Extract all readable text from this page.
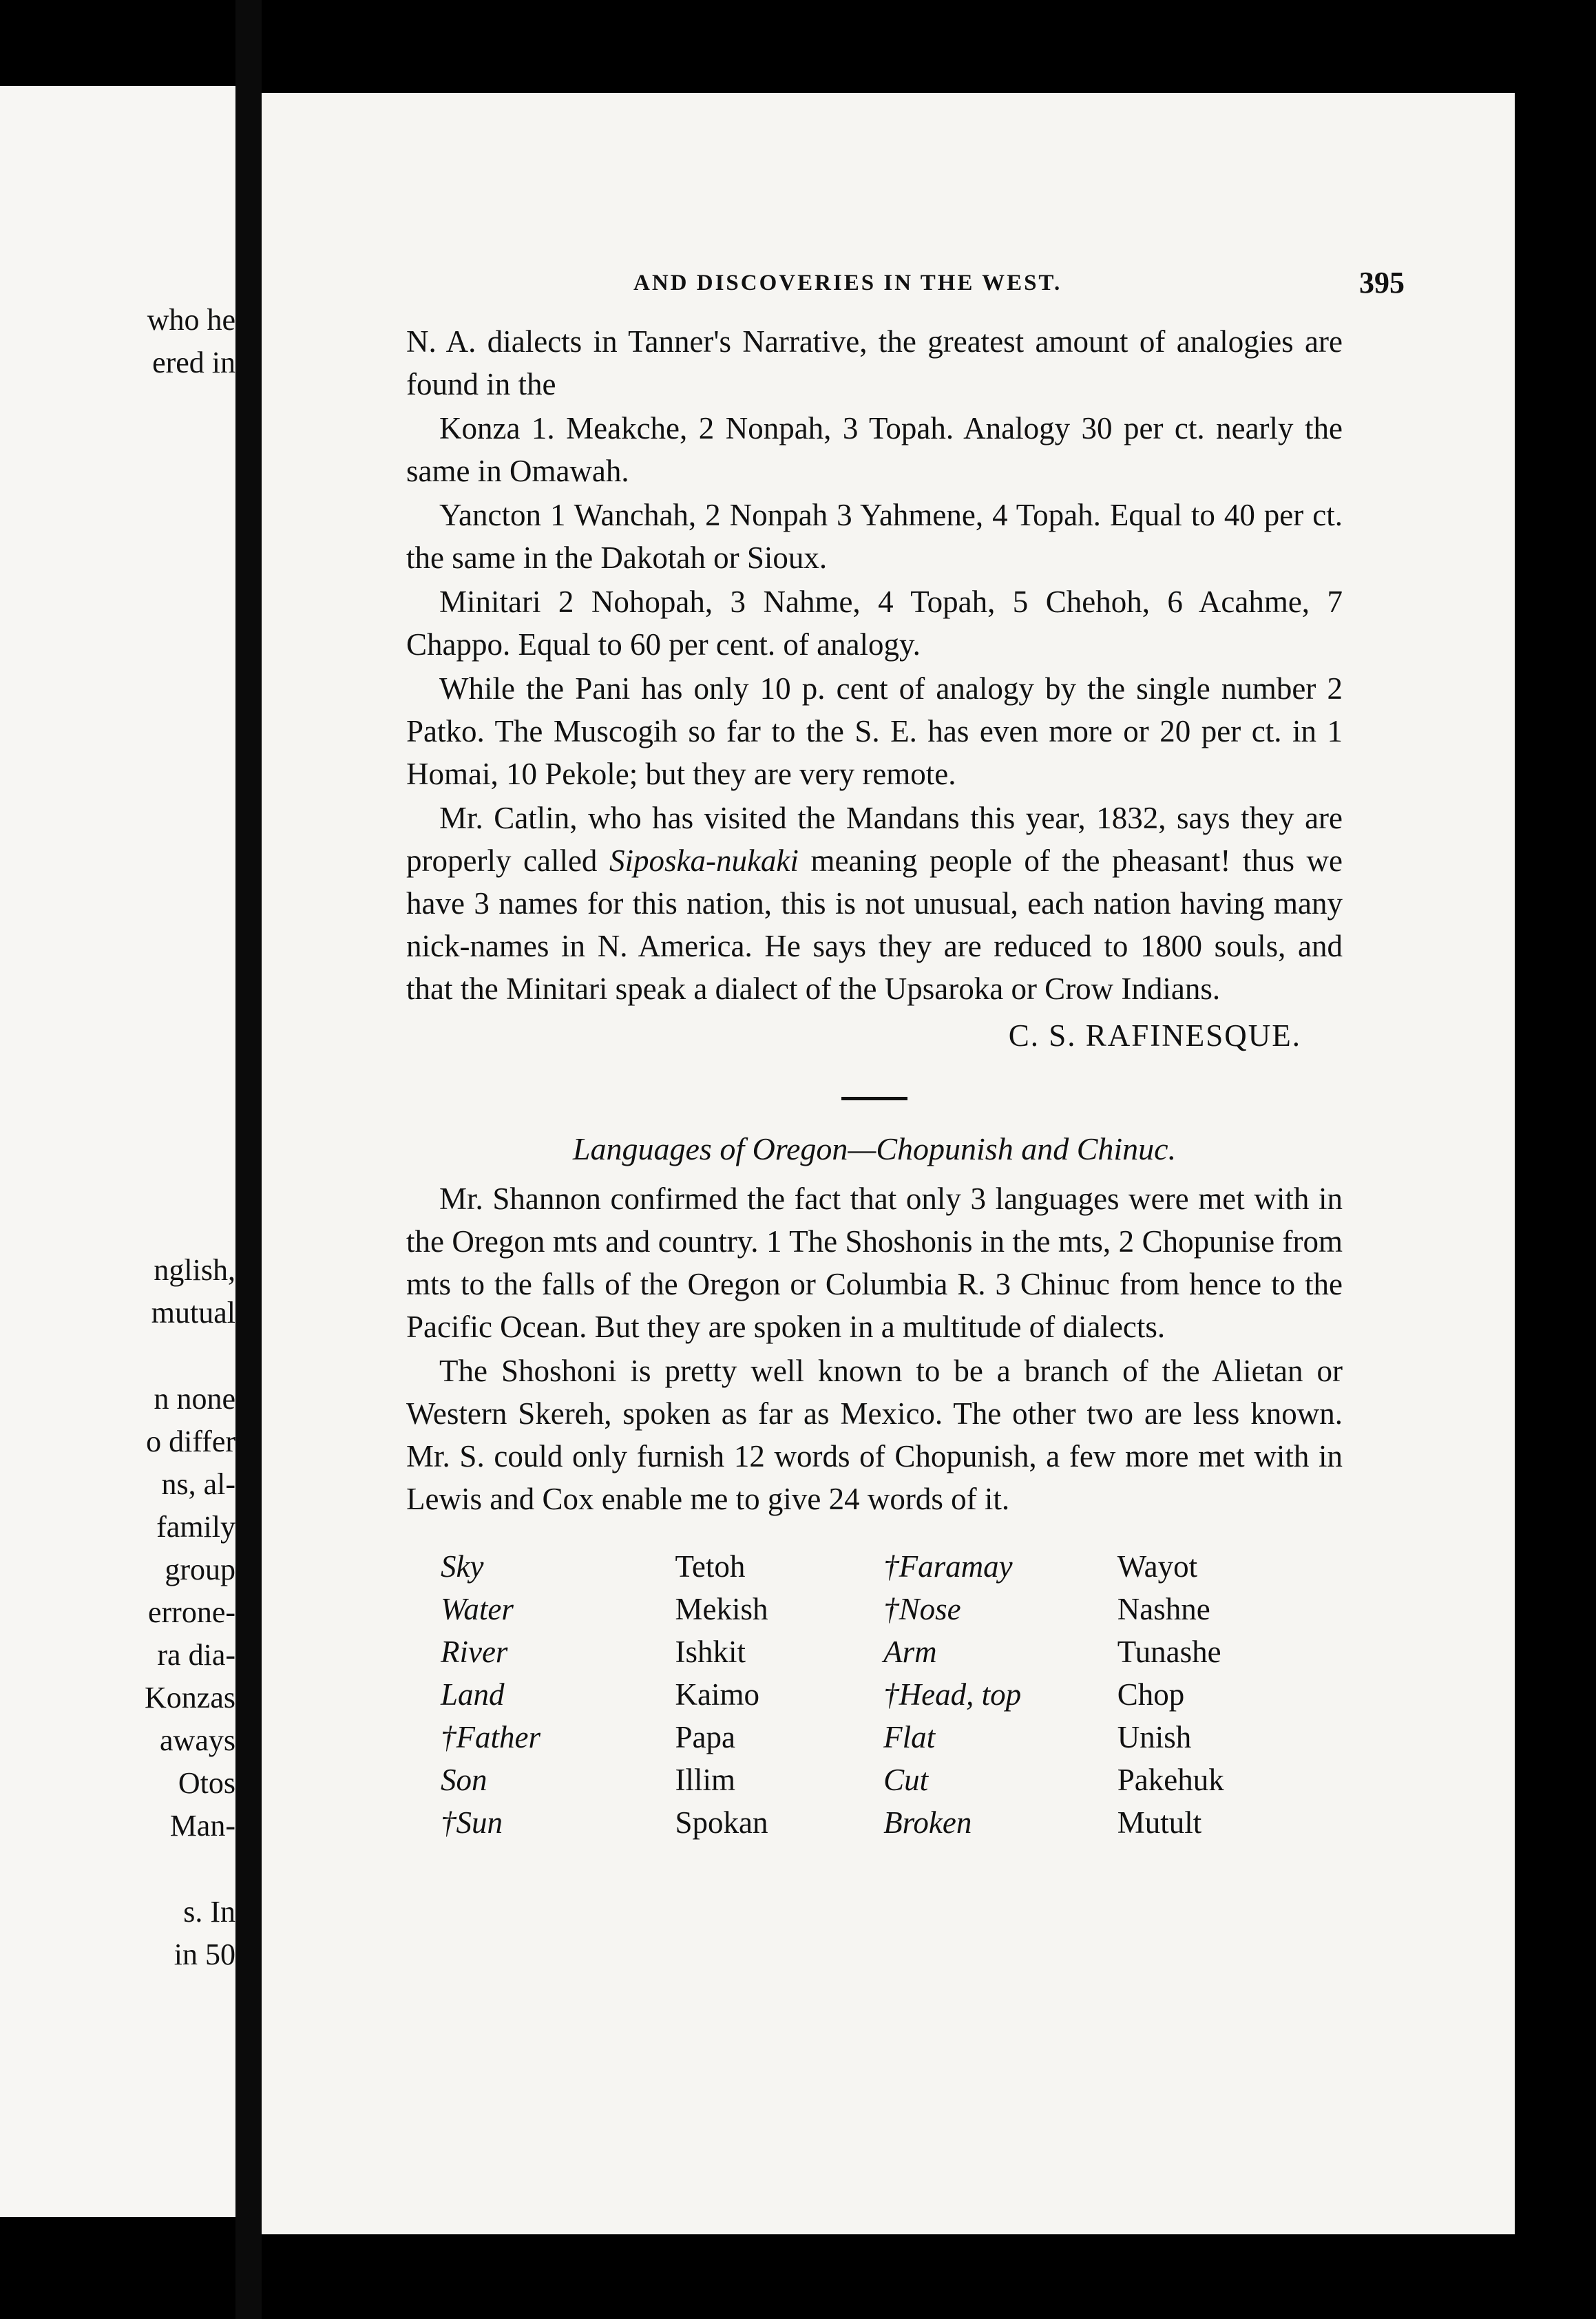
who he
ered in
nglish,
mutual
n none
o differ
ns, al-
family
group
errone-
ra dia-
Konzas
aways
Otos
Man-
s. In
in 50
AND DISCOVERIES IN THE WEST.	395

N. A. dialects in Tanner's Narrative, the greatest amount of analogies are found in the

Konza 1. Meakche, 2 Nonpah, 3 Topah. Analogy 30 per ct. nearly the same in Omawah.

Yancton 1 Wanchah, 2 Nonpah 3 Yahmene, 4 Topah. Equal to 40 per ct. the same in the Dakotah or Sioux.

Minitari 2 Nohopah, 3 Nahme, 4 Topah, 5 Chehoh, 6 Acahme, 7 Chappo. Equal to 60 per cent. of analogy.

While the Pani has only 10 p. cent of analogy by the single number 2 Patko. The Muscogih so far to the S. E. has even more or 20 per ct. in 1 Homai, 10 Pekole; but they are very remote.

Mr. Catlin, who has visited the Mandans this year, 1832, says they are properly called Siposka-nukaki meaning people of the pheasant! thus we have 3 names for this nation, this is not unusual, each nation having many nick-names in N. America. He says they are reduced to 1800 souls, and that the Minitari speak a dialect of the Upsaroka or Crow Indians.

C. S. RAFINESQUE.

Languages of Oregon—Chopunish and Chinuc.

Mr. Shannon confirmed the fact that only 3 languages were met with in the Oregon mts and country. 1 The Shoshonis in the mts, 2 Chopunise from mts to the falls of the Oregon or Columbia R. 3 Chinuc from hence to the Pacific Ocean. But they are spoken in a multitude of dialects.

The Shoshoni is pretty well known to be a branch of the Alietan or Western Skereh, spoken as far as Mexico. The other two are less known. Mr. S. could only furnish 12 words of Chopunish, a few more met with in Lewis and Cox enable me to give 24 words of it.

Sky	Tetoh	†Faramay	Wayot
Water	Mekish	†Nose	Nashne
River	Ishkit	Arm	Tunashe
Land	Kaimo	†Head, top	Chop
†Father	Papa	Flat	Unish
Son	Illim	Cut	Pakehuk
†Sun	Spokan	Broken	Mutult
